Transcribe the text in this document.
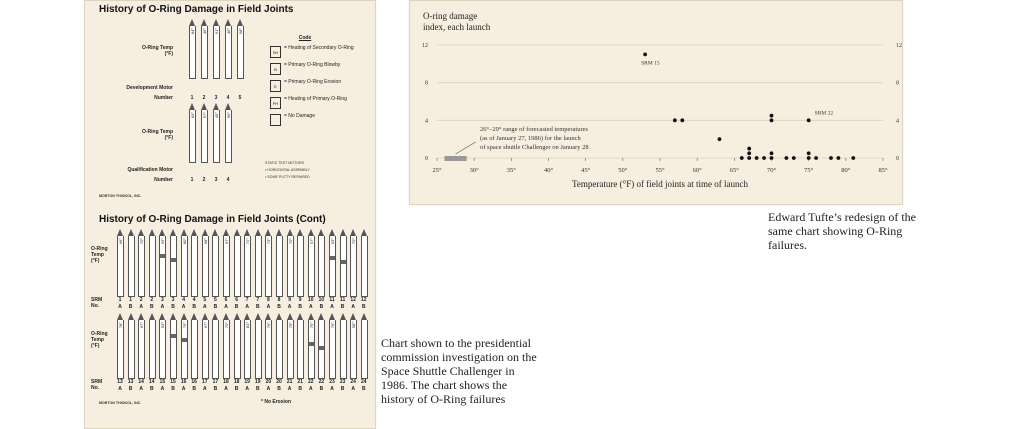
History of O-Ring Damage in Field Joints
O-Ring Temp
(°F)
Development Motor
Number
O-Ring Temp
(°F)
Qualification Motor
Number
Code
SH
= Heating of Secondary O-Ring
B
= Primary O-Ring Blowby
E
= Primary O-Ring Erosion
PH
= Heating of Primary O-Ring
= No Damage
STATIC TEST MOTORS
• HORIZONTAL ASSEMBLY
• SOME PUTTY REPAIRED
MORTON THIOKOL, INC.
History of O-Ring Damage in Field Joints (Cont)
O-Ring Temp
(°F)
SRM
No.
O-Ring Temp
(°F)
SRM
No.
MORTON THIOKOL, INC.	* No Erosion
84° 49° 61° 40° 58°
1	2	3	4	5
83° 67° 45° 60°
1	2	3	4
66°
1
A
78°
13
A
1
B
13
B
70°
2
A
67°
14
A
2
B
14
B
69°
3
A
53°
15
A
3
B
15
B
80°
4
A
75°
16
A
4
B
16
B
68°
5
A
67°
17
A
5
B
17
B
67°
6
A
70°
18
A
6
B
18
B
72°
7
A
81°
19
A
7
B
19
B
73°
8
A
76°
20
A
8
B
20
B
70°
9
A
79°
21
A
9
B
21
B
57°
10
A
75°
22
A
10
B
22
B
63°
11
A
76°
23
A
11
B
23
B
70°
12
A
58°
24
A
12
B
24
B
Chart shown to the presidential commission investigation on the Space Shuttle Challenger in 1986. The chart shows the history of O-Ring failures
0	0
4	4
8	8
12	12
25°	30°	35°	40°	45°	50°	55°	60°	65°	70°	75°	80°	85°
26°–29° range of forecasted temperatures
(as of January 27, 1986) for the launch
of space shuttle Challenger on January 28
SRM 15
SRM 22
O-ring damage
index, each launch
Temperature (°F) of field joints at time of launch
Edward Tufte’s redesign of the same chart showing O-Ring failures.
